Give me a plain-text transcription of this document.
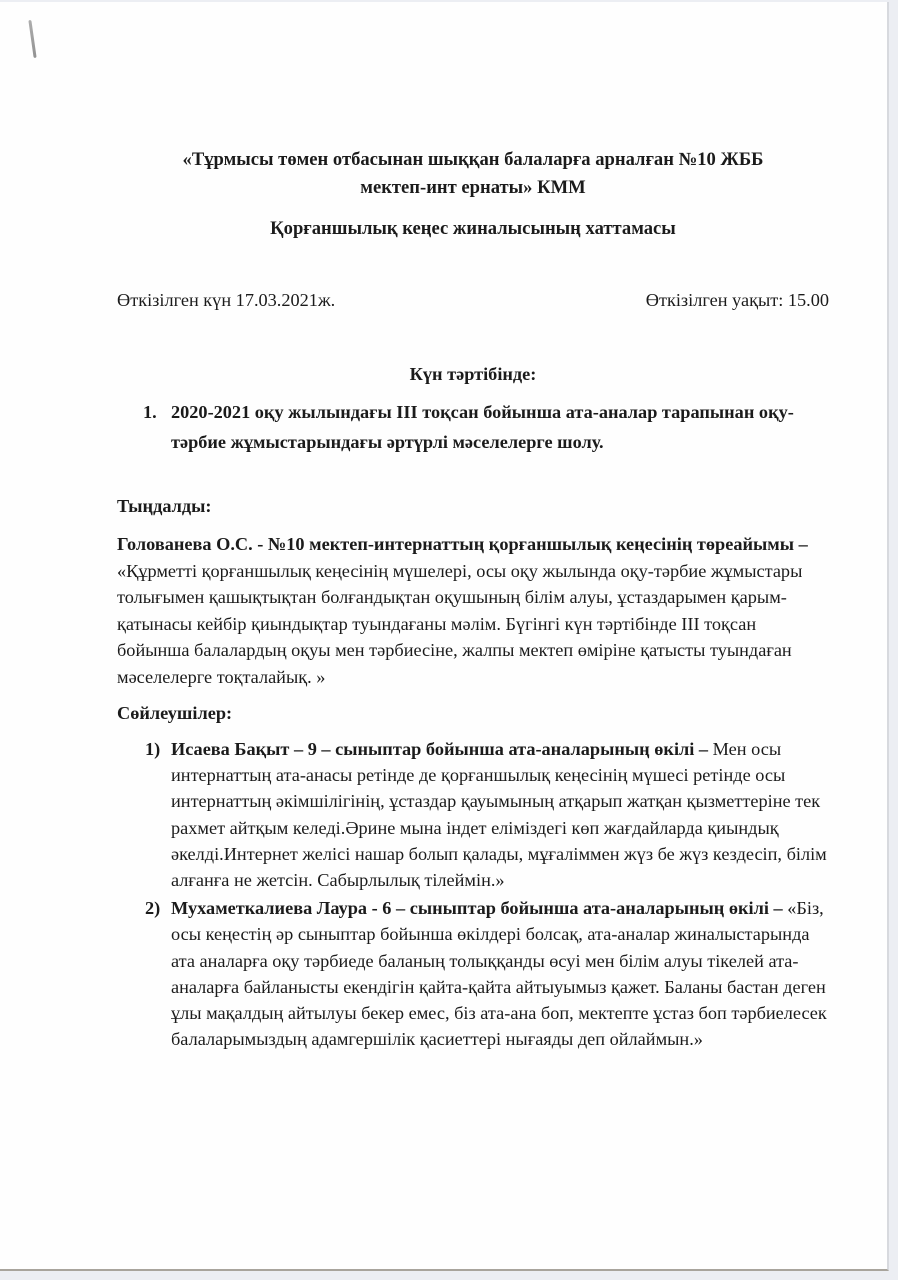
«Тұрмысы төмен отбасынан шыққан балаларға арналған №10 ЖББ
мектеп-инт ернаты» КММ
Қорғаншылық кеңес жиналысының хаттамасы
Өткізілген күн 17.03.2021ж.	Өткізілген уақыт: 15.00
Күн тәртібінде:
1. 2020-2021 оқу жылындағы ІІІ тоқсан бойынша ата-аналар тарапынан оқу-тәрбие жұмыстарындағы әртүрлі мәселелерге шолу.
Тыңдалды:
Голованева О.С. - №10 мектеп-интернаттың қорғаншылық кеңесінің төреайымы – «Құрметті қорғаншылық кеңесінің мүшелері, осы оқу жылында оқу-тәрбие жұмыстары толығымен қашықтықтан болғандықтан оқушының білім алуы, ұстаздарымен қарым-қатынасы кейбір қиындықтар туындағаны мәлім. Бүгінгі күн тәртібінде ІІІ тоқсан бойынша балалардың оқуы мен тәрбиесіне, жалпы мектеп өміріне қатысты туындаған мәселелерге тоқталайық. »
Сөйлеушілер:
1) Исаева Бақыт – 9 – сыныптар бойынша ата-аналарының өкілі – Мен осы интернаттың ата-анасы ретінде де қорғаншылық кеңесінің мүшесі ретінде осы интернаттың әкімшілігінің, ұстаздар қауымының атқарып жатқан қызметтеріне тек рахмет айтқым келеді.Әрине мына індет еліміздегі көп жағдайларда қиындық әкелді.Интернет желісі нашар болып қалады, мұғаліммен жүз бе жүз кездесіп, білім алғанға не жетсін. Сабырлылық тілеймін.»
2) Мухаметкалиева Лаура - 6 – сыныптар бойынша ата-аналарының өкілі – «Біз, осы кеңестің әр сыныптар бойынша өкілдері болсақ, ата-аналар жиналыстарында ата аналарға оқу тәрбиеде баланың толыққанды өсуі мен білім алуы тікелей ата-аналарға байланысты екендігін қайта-қайта айтыуымыз қажет. Баланы бастан деген ұлы мақалдың айтылуы бекер емес, біз ата-ана боп, мектепте ұстаз боп тәрбиелесек балаларымыздың адамгершілік қасиеттері нығаяды деп ойлаймын.»
